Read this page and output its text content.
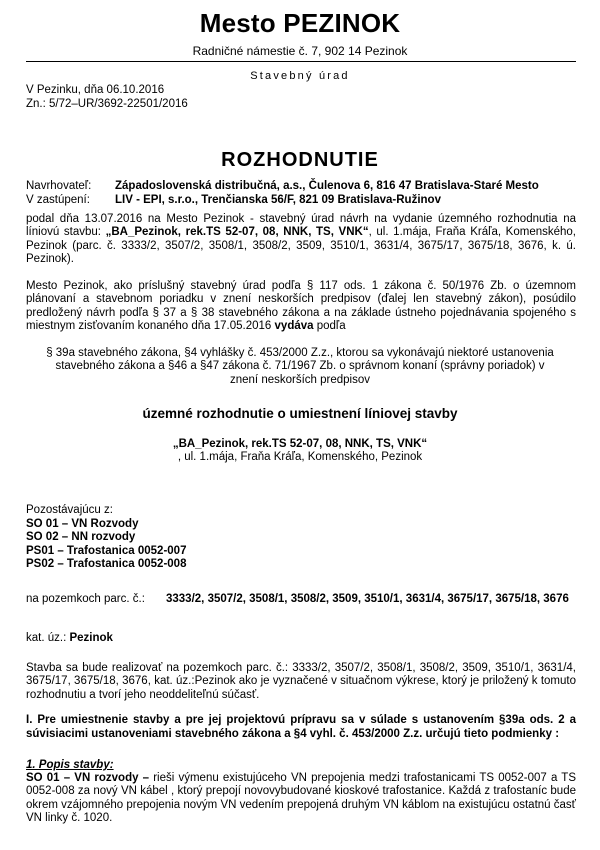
Mesto PEZINOK
Radničné námestie č. 7, 902 14 Pezinok
Stavebný úrad
V Pezinku, dňa 06.10.2016
Zn.: 5/72–UR/3692-22501/2016
ROZHODNUTIE
Navrhovateľ: Západoslovenská distribučná, a.s., Čulenova 6, 816 47 Bratislava-Staré Mesto
V zastúpení: LIV - EPI, s.r.o., Trenčianska 56/F, 821 09 Bratislava-Ružinov
podal dňa 13.07.2016 na Mesto Pezinok - stavebný úrad návrh na vydanie územného rozhodnutia na líniovú stavbu: „BA_Pezinok, rek.TS 52-07, 08, NNK, TS, VNK“, ul. 1.mája, Fraňa Kráľa, Komenského, Pezinok (parc. č. 3333/2, 3507/2, 3508/1, 3508/2, 3509, 3510/1, 3631/4, 3675/17, 3675/18, 3676, k. ú. Pezinok).
Mesto Pezinok, ako príslušný stavebný úrad podľa § 117 ods. 1 zákona č. 50/1976 Zb. o územnom plánovaní a stavebnom poriadku v znení neskorších predpisov (ďalej len stavebný zákon), posúdilo predložený návrh podľa § 37 a § 38 stavebného zákona a na základe ústneho pojednávania spojeného s miestnym zisťovaním konaného dňa 17.05.2016 vydáva podľa
§ 39a stavebného zákona, §4 vyhlášky č. 453/2000 Z.z., ktorou sa vykonávajú niektoré ustanovenia stavebného zákona a §46 a §47 zákona č. 71/1967 Zb. o správnom konaní (správny poriadok) v znení neskorších predpisov
územné rozhodnutie o umiestnení líniovej stavby
„BA_Pezinok, rek.TS 52-07, 08, NNK, TS, VNK“
, ul. 1.mája, Fraňa Kráľa, Komenského, Pezinok
Pozostávajúcu z:
SO 01 – VN Rozvody
SO 02 – NN rozvody
PS01 – Trafostanica 0052-007
PS02 – Trafostanica 0052-008
na pozemkoch parc. č.: 3333/2, 3507/2, 3508/1, 3508/2, 3509, 3510/1, 3631/4, 3675/17, 3675/18, 3676
kat. úz.: Pezinok
Stavba sa bude realizovať na pozemkoch parc. č.: 3333/2, 3507/2, 3508/1, 3508/2, 3509, 3510/1, 3631/4, 3675/17, 3675/18, 3676, kat. úz.:Pezinok ako je vyznačené v situačnom výkrese, ktorý je priložený k tomuto rozhodnutiu a tvorí jeho neoddeliteľnú súčasť.
I. Pre umiestnenie stavby a pre jej projektovú prípravu sa v súlade s ustanovením §39a ods. 2 a súvisiacimi ustanoveniami stavebného zákona a §4 vyhl. č. 453/2000 Z.z. určujú tieto podmienky :
1. Popis stavby:
SO 01 – VN rozvody – rieši výmenu existujúceho VN prepojenia medzi trafostanicami TS 0052-007 a TS 0052-008 za nový VN kábel , ktorý prepojí novovybudované kioskové trafostanice. Každá z trafostaníc bude okrem vzájomného prepojenia novým VN vedením prepojená druhým VN káblom na existujúcu ostatnú časť VN linky č. 1020.
